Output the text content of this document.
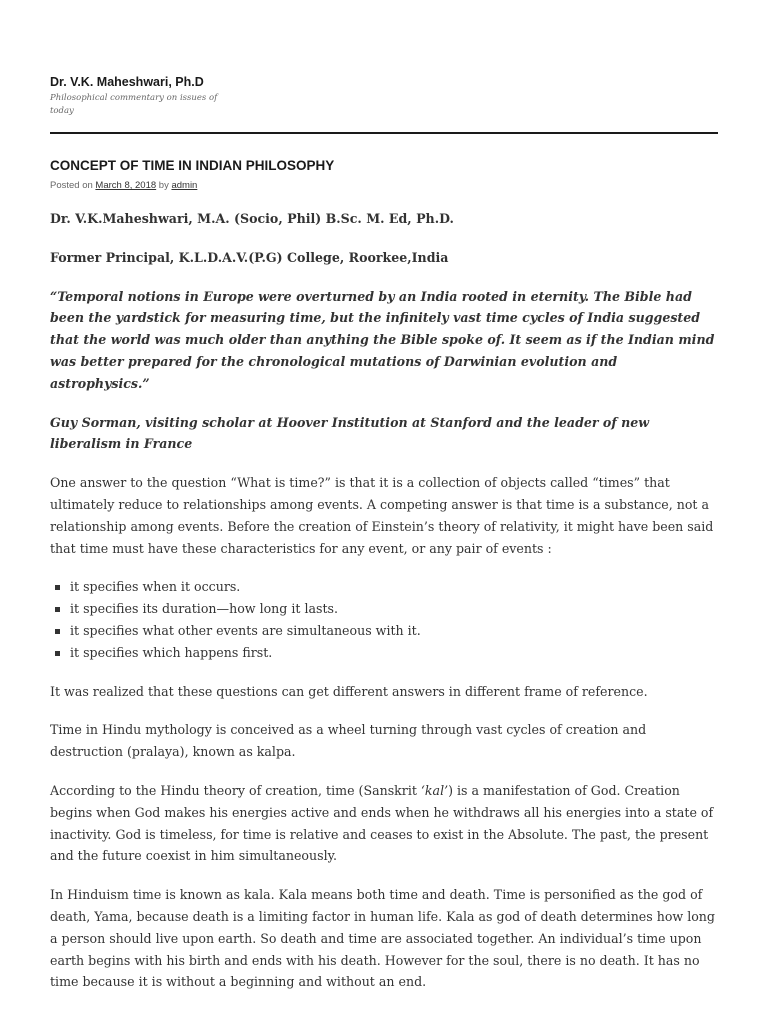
Dr. V.K. Maheshwari, Ph.D
Philosophical commentary on issues of today
CONCEPT OF TIME IN INDIAN PHILOSOPHY
Posted on March 8, 2018 by admin

Dr. V.K.Maheshwari, M.A. (Socio, Phil) B.Sc. M. Ed, Ph.D.

Former Principal, K.L.D.A.V.(P.G) College, Roorkee,India

“Temporal notions in Europe were overturned by an India rooted in eternity. The Bible had been the yardstick for measuring time, but the infinitely vast time cycles of India suggested that the world was much older than anything the Bible spoke of. It seem as if the Indian mind was better prepared for the chronological mutations of Darwinian evolution and astrophysics.”

Guy Sorman, visiting scholar at Hoover Institution at Stanford and the leader of new liberalism in France

One answer to the question “What is time?” is that it is a collection of objects called “times” that ultimately reduce to relationships among events. A competing answer is that time is a substance, not a relationship among events. Before the creation of Einstein’s theory of relativity, it might have been said that time must have these characteristics for any event, or any pair of events :

it specifies when it occurs.
it specifies its duration—how long it lasts.
it specifies what other events are simultaneous with it.
it specifies which happens first.

It was realized that these questions can get different answers in different frame of reference.

Time in Hindu mythology is conceived as a wheel turning through vast cycles of creation and destruction (pralaya), known as kalpa.

According to the Hindu theory of creation, time (Sanskrit ‘kal’) is a manifestation of God. Creation begins when God makes his energies active and ends when he withdraws all his energies into a state of inactivity. God is timeless, for time is relative and ceases to exist in the Absolute. The past, the present and the future coexist in him simultaneously.

In Hinduism time is known as kala. Kala means both time and death. Time is personified as the god of death, Yama, because death is a limiting factor in human life. Kala as god of death determines how long a person should live upon earth. So death and time are associated together. An individual’s time upon earth begins with his birth and ends with his death. However for the soul, there is no death. It has no time because it is without a beginning and without an end.
